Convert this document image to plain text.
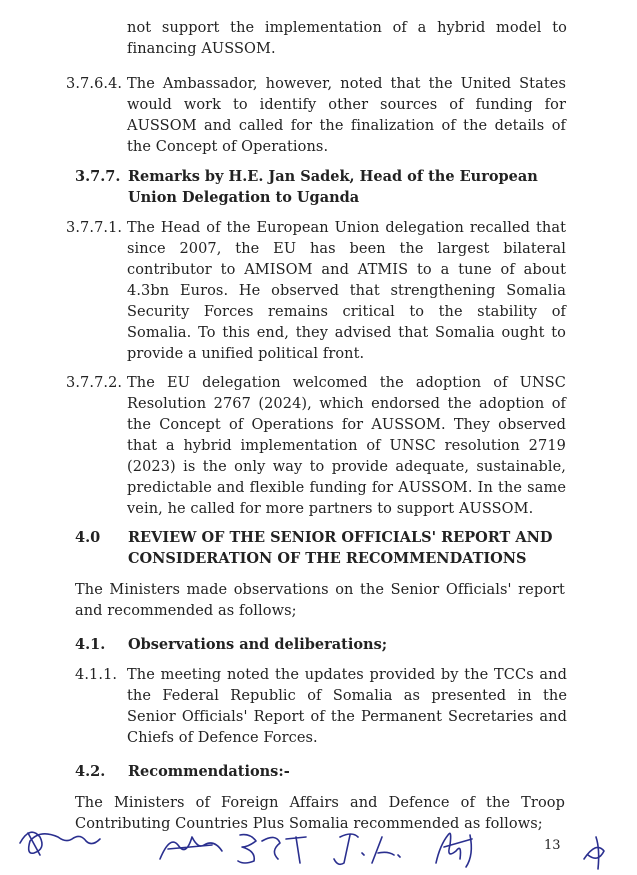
not support the implementation of a hybrid model to financing AUSSOM.
3.7.6.4. The Ambassador, however, noted that the United States would work to identify other sources of funding for AUSSOM and called for the finalization of the details of the Concept of Operations.
3.7.7. Remarks by H.E. Jan Sadek, Head of the European Union Delegation to Uganda
3.7.7.1. The Head of the European Union delegation recalled that since 2007, the EU has been the largest bilateral contributor to AMISOM and ATMIS to a tune of about 4.3bn Euros. He observed that strengthening Somalia Security Forces remains critical to the stability of Somalia. To this end, they advised that Somalia ought to provide a unified political front.
3.7.7.2. The EU delegation welcomed the adoption of UNSC Resolution 2767 (2024), which endorsed the adoption of the Concept of Operations for AUSSOM. They observed that a hybrid implementation of UNSC resolution 2719 (2023) is the only way to provide adequate, sustainable, predictable and flexible funding for AUSSOM. In the same vein, he called for more partners to support AUSSOM.
4.0	REVIEW OF THE SENIOR OFFICIALS' REPORT AND CONSIDERATION OF THE RECOMMENDATIONS
The Ministers made observations on the Senior Officials' report and recommended as follows;
4.1.	Observations and deliberations;
4.1.1. The meeting noted the updates provided by the TCCs and the Federal Republic of Somalia as presented in the Senior Officials' Report of the Permanent Secretaries and Chiefs of Defence Forces.
4.2.	Recommendations:-
The Ministers of Foreign Affairs and Defence of the Troop Contributing Countries Plus Somalia recommended as follows;
13
